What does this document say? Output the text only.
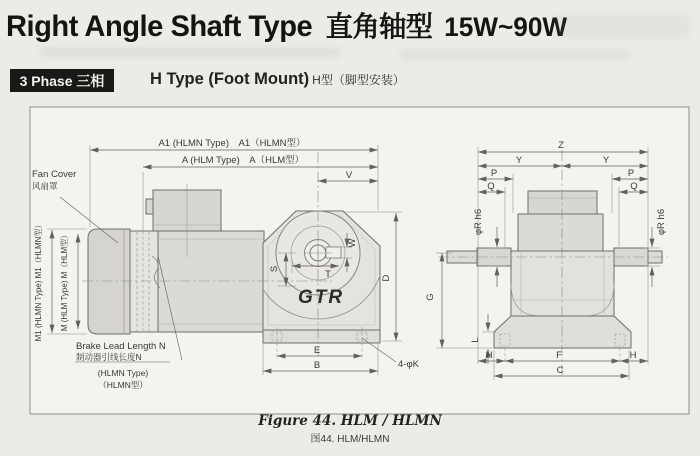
Right Angle Shaft Type 直角轴型 15W~90W
3 Phase 三相	H Type (Foot Mount) H型（脚型安装）
GTR
A1 (HLMN Type)　A1（HLMN型）
A (HLM Type)　A（HLM型）
V
M1 (HLMN Type) M1（HLMN型） M (HLM Type) M（HLM型）	S	T
W
D
E
B	4-φK
Fan Cover
风扇罩
Brake Lead Length N
制动器引线长度N
(HLMN Type)
（HLMN型）
Z
Y	Y
P	P
Q	Q
φR h6	φR h6
G
L
H	F	H
C
Figure 44. HLM / HLMN
图44. HLM/HLMN
